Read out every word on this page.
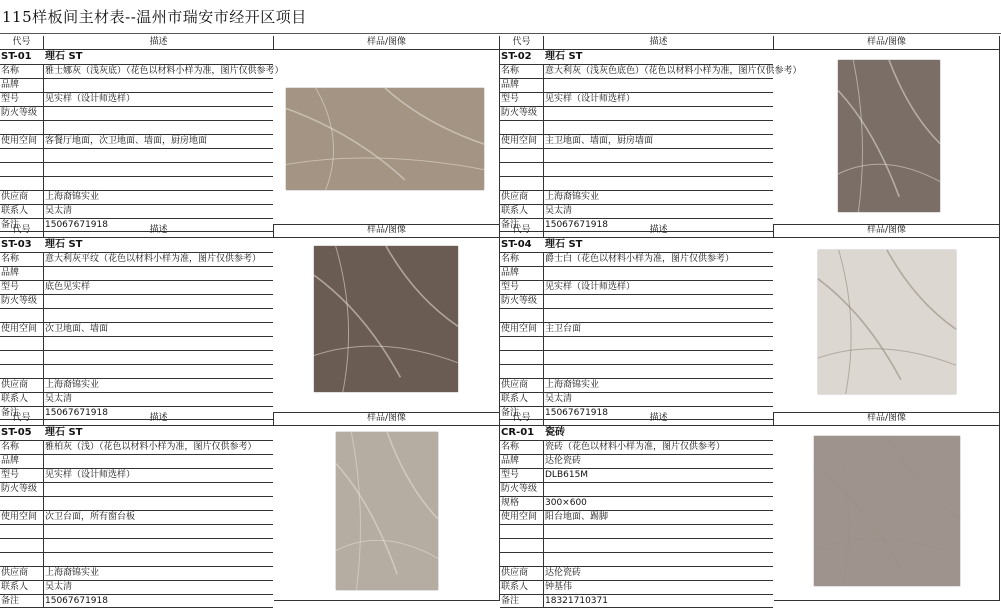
115样板间主材表--温州市瑞安市经开区项目
代号	描述	样品/图像
ST-01	理石 ST
名称	雅士娜灰（浅灰底）（花色以材料小样为准，图片仅供参考）
品牌
型号	见实样（设计师选样）
防火等级
使用空间 客餐厅地面，次卫地面、墙面，厨房地面
供应商	上海裔锦实业
联系人	吴太清
备注	15067671918
代号	描述	样品/图像
ST-02	理石 ST
名称	意大利灰（浅灰色底色）（花色以材料小样为准，图片仅供参考）
品牌
型号	见实样（设计师选样）
防火等级
使用空间 主卫地面、墙面，厨房墙面
供应商	上海裔锦实业
联系人	吴太清
备注	15067671918
代号	描述	样品/图像
ST-03	理石 ST
名称	意大利灰平纹（花色以材料小样为准，图片仅供参考）
品牌
型号	底色见实样
防火等级
使用空间 次卫地面、墙面
供应商	上海裔锦实业
联系人	吴太清
备注	15067671918
代号	描述	样品/图像
ST-04	理石 ST
名称	爵士白（花色以材料小样为准，图片仅供参考）
品牌
型号	见实样（设计师选样）
防火等级
使用空间 主卫台面
供应商	上海裔锦实业
联系人	吴太清
备注	15067671918
代号	描述	样品/图像
ST-05	理石 ST
名称	雅柏灰（浅）（花色以材料小样为准，图片仅供参考）
品牌
型号	见实样（设计师选样）
防火等级
使用空间 次卫台面，所有窗台板
供应商	上海裔锦实业
联系人	吴太清
备注	15067671918
代号	描述	样品/图像
CR-01	瓷砖
名称	瓷砖（花色以材料小样为准，图片仅供参考）
品牌	达伦瓷砖
型号	DLB615M
防火等级
规格	300×600
使用空间 阳台地面、踢脚
供应商	达伦瓷砖
联系人	钟基伟
备注	18321710371
